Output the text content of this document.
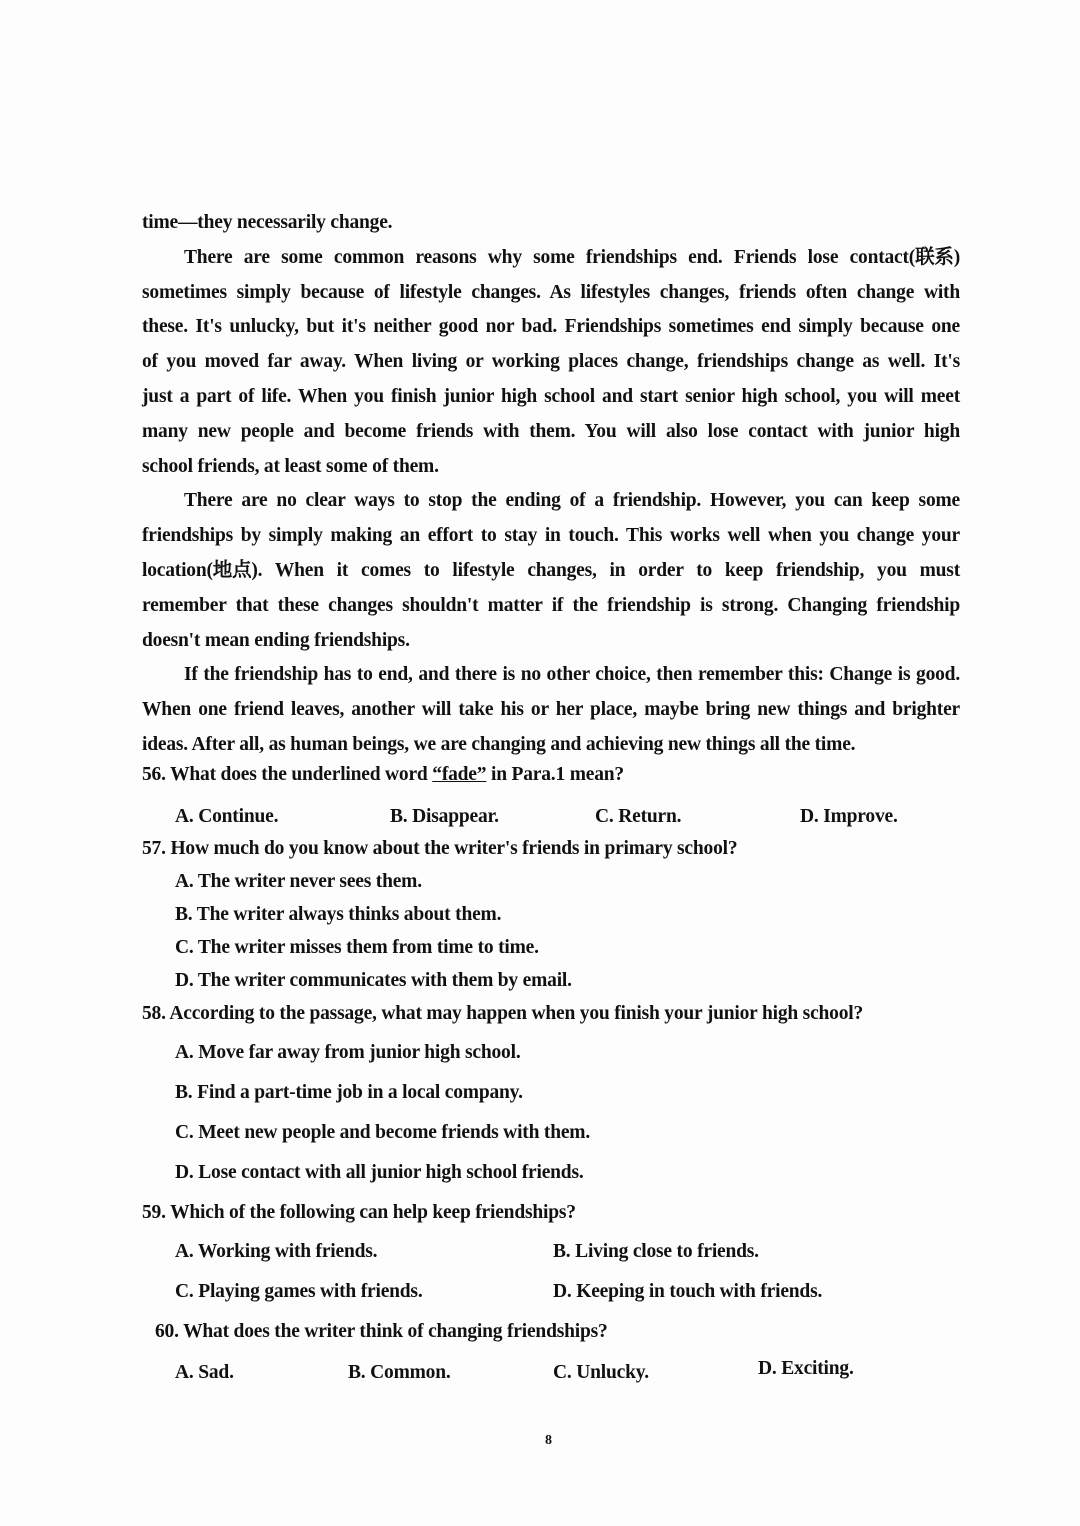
time—they necessarily change.

There are some common reasons why some friendships end. Friends lose contact(联系)
sometimes simply because of lifestyle changes. As lifestyles changes, friends often change with
these. It's unlucky, but it's neither good nor bad. Friendships sometimes end simply because one
of you moved far away. When living or working places change, friendships change as well. It's
just a part of life. When you finish junior high school and start senior high school, you will meet
many new people and become friends with them. You will also lose contact with junior high
school friends, at least some of them.

There are no clear ways to stop the ending of a friendship. However, you can keep some
friendships by simply making an effort to stay in touch. This works well when you change your
location(地点). When it comes to lifestyle changes, in order to keep friendship, you must
remember that these changes shouldn't matter if the friendship is strong. Changing friendship
doesn't mean ending friendships.

If the friendship has to end, and there is no other choice, then remember this: Change is good.
When one friend leaves, another will take his or her place, maybe bring new things and brighter
ideas. After all, as human beings, we are changing and achieving new things all the time.

56. What does the underlined word “fade” in Para.1 mean?
A. Continue.	B. Disappear.	C. Return.	D. Improve.
57. How much do you know about the writer's friends in primary school?
A. The writer never sees them.
B. The writer always thinks about them.
C. The writer misses them from time to time.
D. The writer communicates with them by email.
58. According to the passage, what may happen when you finish your junior high school?
A. Move far away from junior high school.
B. Find a part-time job in a local company.
C. Meet new people and become friends with them.
D. Lose contact with all junior high school friends.
59. Which of the following can help keep friendships?
A. Working with friends.	B. Living close to friends.
C. Playing games with friends.	D. Keeping in touch with friends.
60. What does the writer think of changing friendships?
A. Sad.	B. Common.	C. Unlucky.	D. Exciting.
8
